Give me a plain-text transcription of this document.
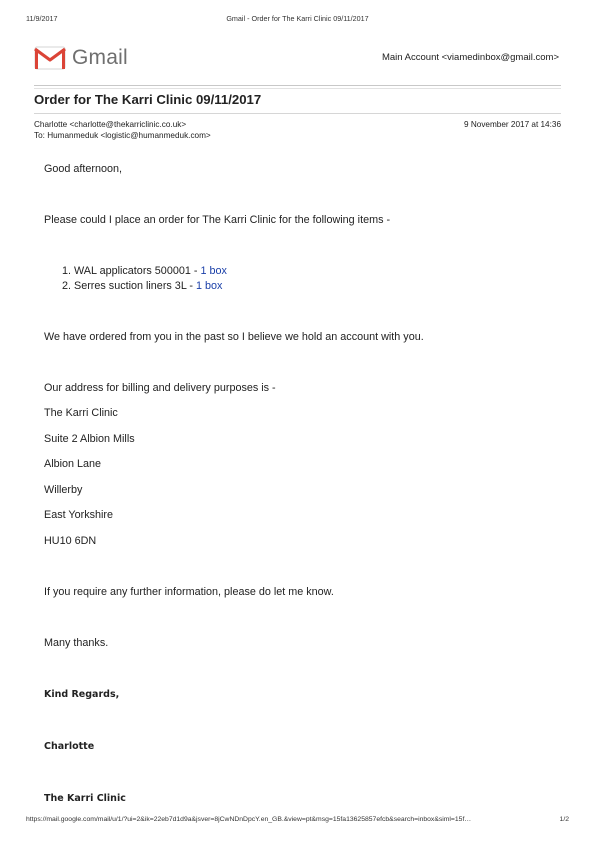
11/9/2017	Gmail - Order for The Karri Clinic 09/11/2017
Gmail	Main Account <viamedinbox@gmail.com>
Order for The Karri Clinic 09/11/2017
Charlotte <charlotte@thekarriclinic.co.uk>	9 November 2017 at 14:36
To: Humanmeduk <logistic@humanmeduk.com>
Good afternoon,
Please could I place an order for The Karri Clinic for the following items -
1. WAL applicators 500001 - 1 box
2. Serres suction liners 3L - 1 box
We have ordered from you in the past so I believe we hold an account with you.
Our address for billing and delivery purposes is -
The Karri Clinic
Suite 2 Albion Mills
Albion Lane
Willerby
East Yorkshire
HU10 6DN
If you require any further information, please do let me know.
Many thanks.
Kind Regards,
Charlotte
The Karri Clinic
https://mail.google.com/mail/u/1/?ui=2&ik=22eb7d1d9a&jsver=8jCwNDnDpcY.en_GB.&view=pt&msg=15fa13625857efcb&search=inbox&siml=15f…	1/2
